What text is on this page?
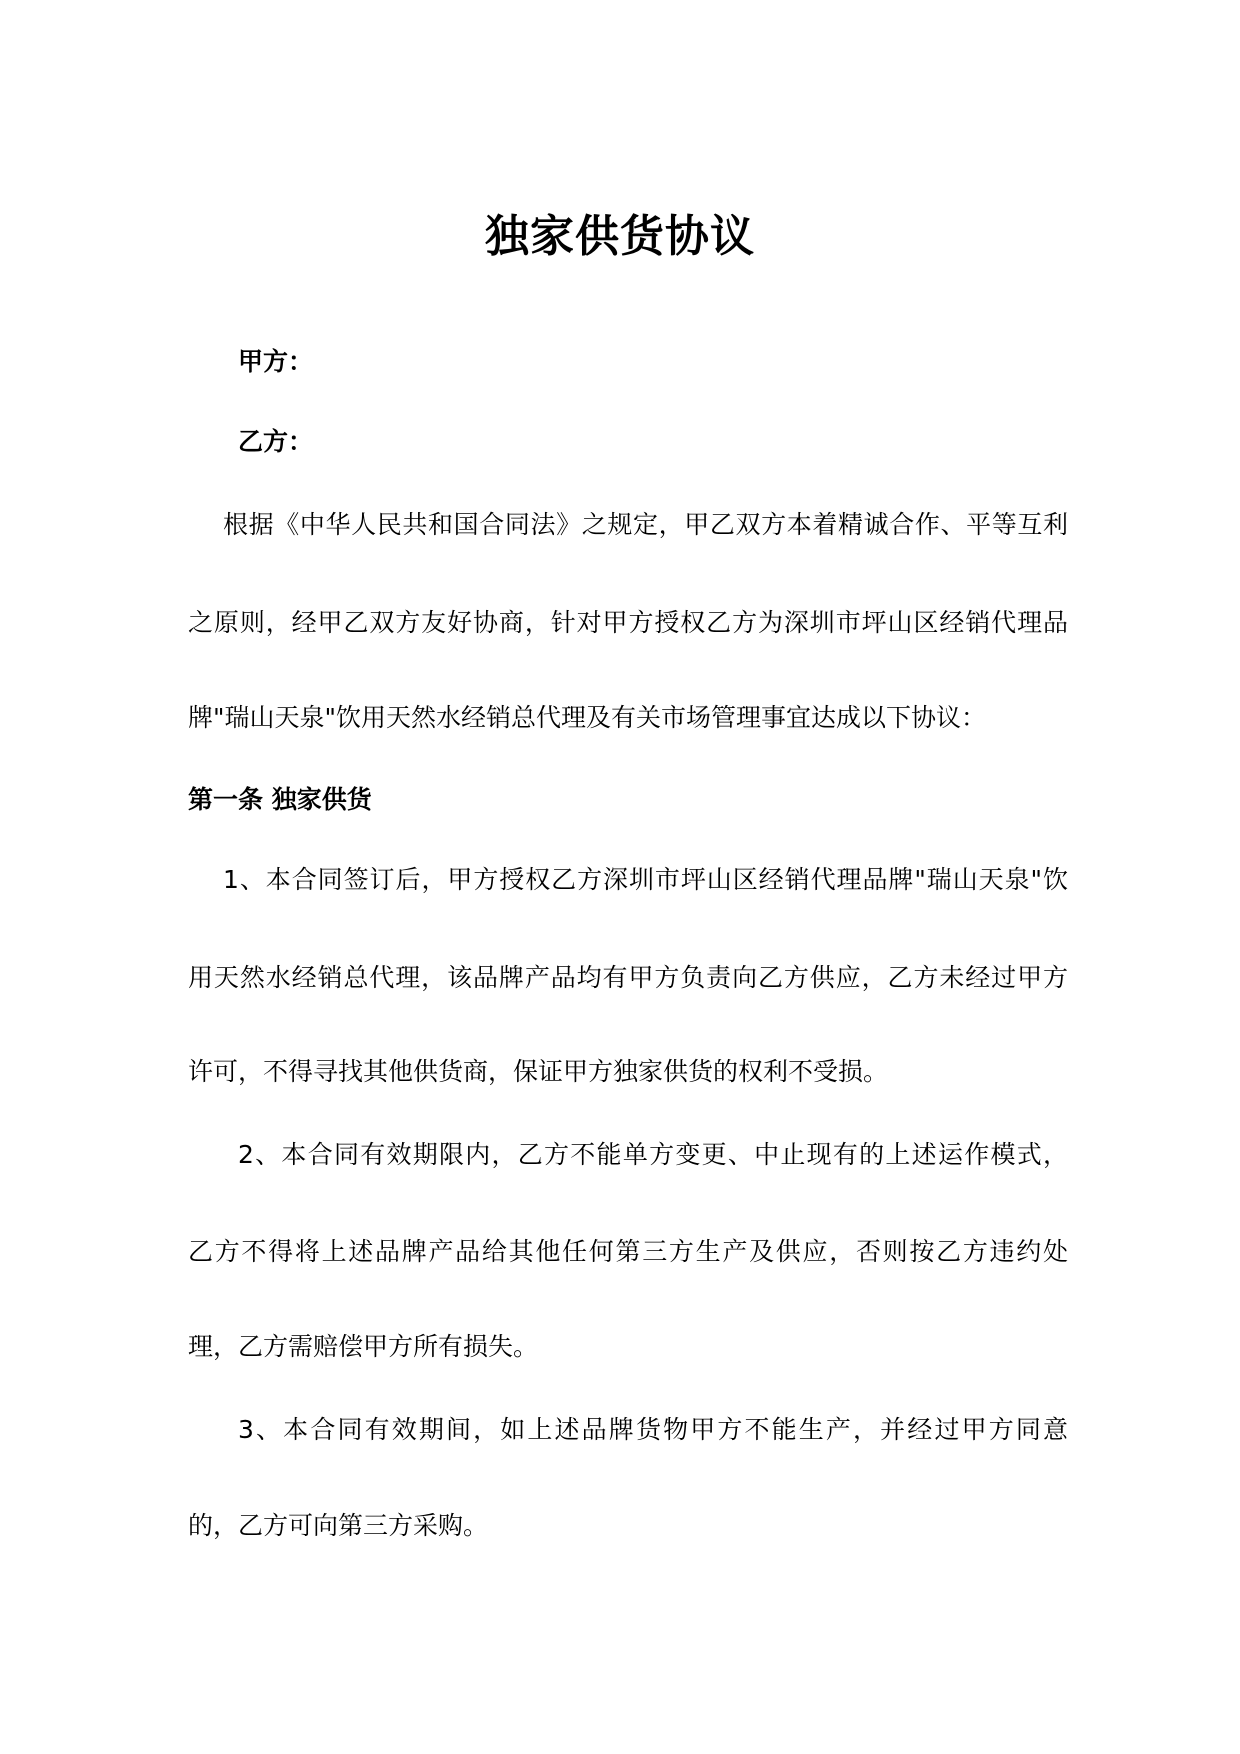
独家供货协议
甲方：
乙方：
根据《中华人民共和国合同法》之规定，甲乙双方本着精诚合作、平等互利
之原则，经甲乙双方友好协商，针对甲方授权乙方为深圳市坪山区经销代理品
牌"瑞山天泉"饮用天然水经销总代理及有关市场管理事宜达成以下协议：
第一条 独家供货
1、本合同签订后，甲方授权乙方深圳市坪山区经销代理品牌"瑞山天泉"饮
用天然水经销总代理，该品牌产品均有甲方负责向乙方供应，乙方未经过甲方
许可，不得寻找其他供货商，保证甲方独家供货的权利不受损。
2、本合同有效期限内，乙方不能单方变更、中止现有的上述运作模式，
乙方不得将上述品牌产品给其他任何第三方生产及供应，否则按乙方违约处
理，乙方需赔偿甲方所有损失。
3、本合同有效期间，如上述品牌货物甲方不能生产，并经过甲方同意
的，乙方可向第三方采购。
